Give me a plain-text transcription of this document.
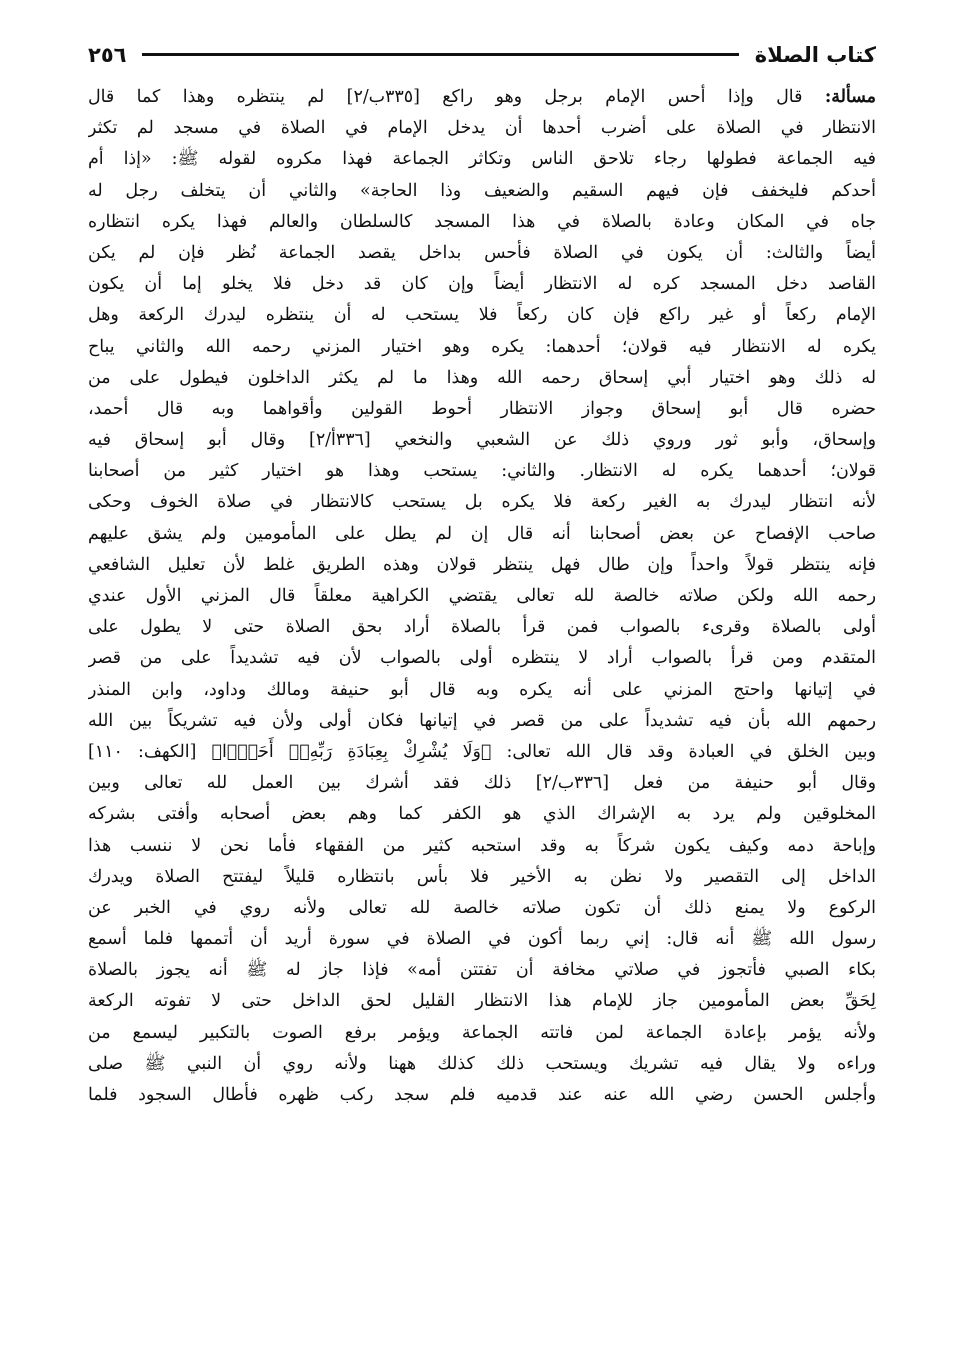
كتاب الصلاة
٢٥٦
مسألة: قال وإذا أحس الإمام برجل وهو راكع [٣٣٥ب/٢] لم ينتظره وهذا كما قال
الانتظار في الصلاة على أضرب أحدها أن يدخل الإمام في الصلاة في مسجد لم تكثر
فيه الجماعة فطولها رجاء تلاحق الناس وتكاثر الجماعة فهذا مكروه لقوله ﷺ: «إذا أم
أحدكم فليخفف فإن فيهم السقيم والضعيف وذا الحاجة» والثاني أن يتخلف رجل له
جاه في المكان وعادة بالصلاة في هذا المسجد كالسلطان والعالم فهذا يكره انتظاره
أيضاً والثالث: أن يكون في الصلاة فأحس بداخل يقصد الجماعة نُظر فإن لم يكن
القاصد دخل المسجد كره له الانتظار أيضاً وإن كان قد دخل فلا يخلو إما أن يكون
الإمام ركعاً أو غير راكع فإن كان ركعاً فلا يستحب له أن ينتظره ليدرك الركعة وهل
يكره له الانتظار فيه قولان؛ أحدهما: يكره وهو اختيار المزني رحمه الله والثاني يباح
له ذلك وهو اختيار أبي إسحاق رحمه الله وهذا ما لم يكثر الداخلون فيطول على من
حضره قال أبو إسحاق وجواز الانتظار أحوط القولين وأقواهما وبه قال أحمد،
وإسحاق، وأبو ثور وروي ذلك عن الشعبي والنخعي [٣٣٦أ/٢] وقال أبو إسحاق فيه
قولان؛ أحدهما يكره له الانتظار. والثاني: يستحب وهذا هو اختيار كثير من أصحابنا
لأنه انتظار ليدرك به الغير ركعة فلا يكره بل يستحب كالانتظار في صلاة الخوف وحكى
صاحب الإفصاح عن بعض أصحابنا أنه قال إن لم يطل على المأمومين ولم يشق عليهم
فإنه ينتظر قولاً واحداً وإن طال فهل ينتظر قولان وهذه الطريق غلط لأن تعليل الشافعي
رحمه الله ولكن صلاته خالصة لله تعالى يقتضي الكراهية معلقاً قال المزني الأول عندي
أولى بالصلاة وقرىء بالصواب فمن قرأ بالصلاة أراد بحق الصلاة حتى لا يطول على
المتقدم ومن قرأ بالصواب أراد لا ينتظره أولى بالصواب لأن فيه تشديداً على من قصر
في إتيانها واحتج المزني على أنه يكره وبه قال أبو حنيفة ومالك وداود، وابن المنذر
رحمهم الله بأن فيه تشديداً على من قصر في إتيانها فكان أولى ولأن فيه تشريكاً بين الله
وبين الخلق في العبادة وقد قال الله تعالى: ﴿وَلَا يُشْرِكْ بِعِبَادَةِ رَبِّهِۦٓ أَحَدًۢا﴾ [الكهف: ١١٠]
وقال أبو حنيفة من فعل [٣٣٦ب/٢] ذلك فقد أشرك بين العمل لله تعالى وبين
المخلوقين ولم يرد به الإشراك الذي هو الكفر كما وهم بعض أصحابه وأفتى بشركه
وإباحة دمه وكيف يكون شركاً به وقد استحبه كثير من الفقهاء فأما نحن لا ننسب هذا
الداخل إلى التقصير ولا نظن به الأخير فلا بأس بانتظاره قليلاً ليفتتح الصلاة ويدرك
الركوع ولا يمنع ذلك أن تكون صلاته خالصة لله تعالى ولأنه روي في الخبر عن
رسول الله ﷺ أنه قال: إني ربما أكون في الصلاة في سورة أريد أن أتممها فلما أسمع
بكاء الصبي فأتجوز في صلاتي مخافة أن تفتتن أمه» فإذا جاز له ﷺ أنه يجوز بالصلاة
لِحَقِّ بعض المأمومين جاز للإمام هذا الانتظار القليل لحق الداخل حتى لا تفوته الركعة
ولأنه يؤمر بإعادة الجماعة لمن فاتته الجماعة ويؤمر برفع الصوت بالتكبير ليسمع من
وراءه ولا يقال فيه تشريك ويستحب ذلك كذلك ههنا ولأنه روي أن النبي ﷺ صلى
وأجلس الحسن رضي الله عنه عند قدميه فلم سجد ركب ظهره فأطال السجود فلما
